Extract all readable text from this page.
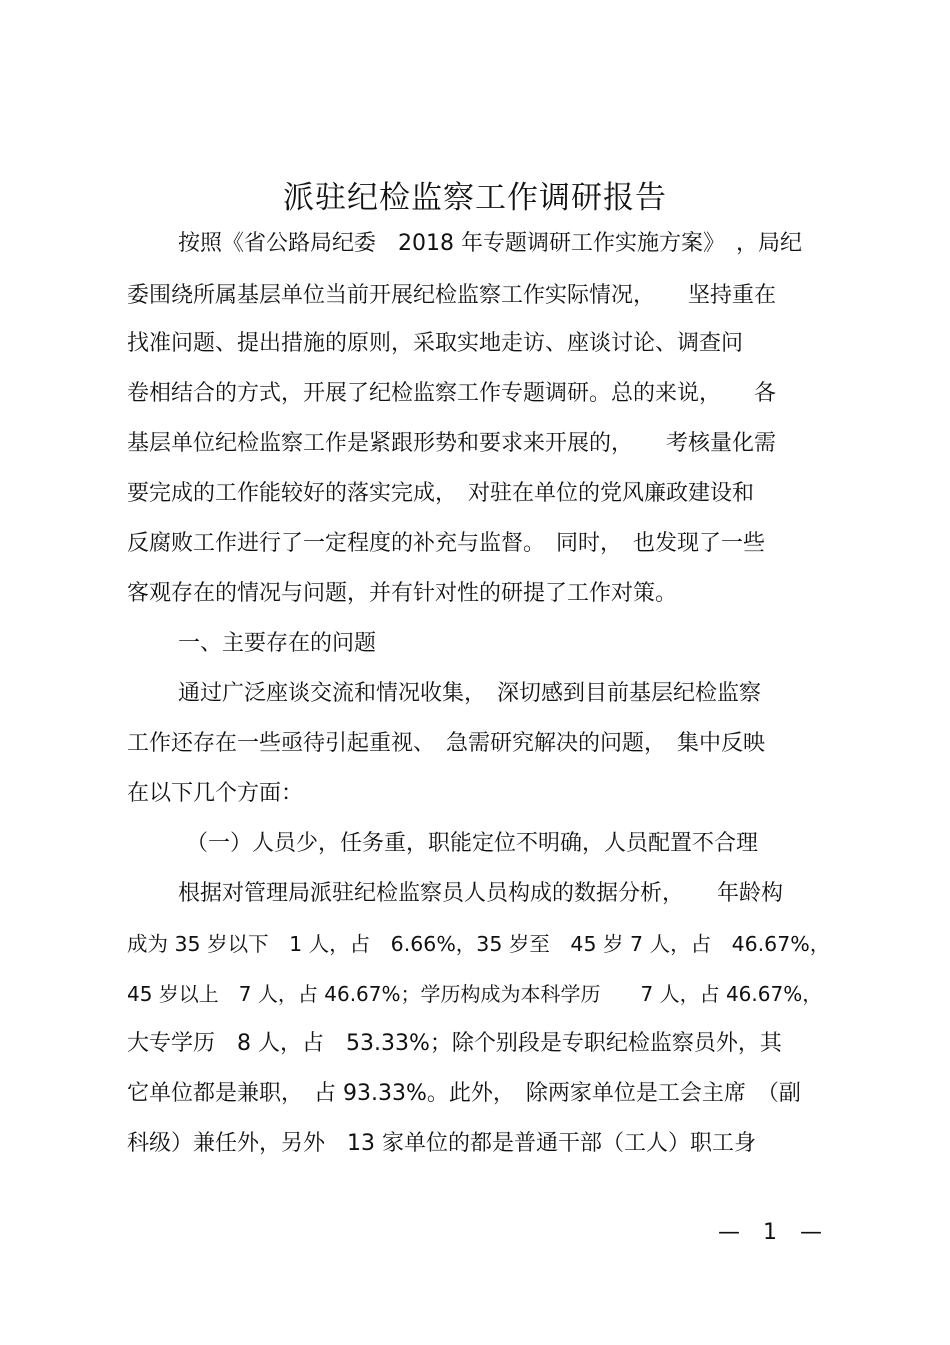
派驻纪检监察工作调研报告
按照《省公路局纪委　2018 年专题调研工作实施方案》　，局纪
委围绕所属基层单位当前开展纪检监察工作实际情况，　　坚持重在
找准问题、提出措施的原则，采取实地走访、座谈讨论、调查问
卷相结合的方式，开展了纪检监察工作专题调研。总的来说，　　各
基层单位纪检监察工作是紧跟形势和要求来开展的，　　考核量化需
要完成的工作能较好的落实完成，　对驻在单位的党风廉政建设和
反腐败工作进行了一定程度的补充与监督。　同时，　也发现了一些
客观存在的情况与问题，并有针对性的研提了工作对策。
一、主要存在的问题
通过广泛座谈交流和情况收集，　深切感到目前基层纪检监察
工作还存在一些亟待引起重视、　急需研究解决的问题，　集中反映
在以下几个方面：
（一）人员少，任务重，职能定位不明确，人员配置不合理
根据对管理局派驻纪检监察员人员构成的数据分析，　　年龄构
成为 35 岁以下　1 人，占　6.66%，35 岁至　45 岁 7 人，占　46.67%，
45 岁以上　7 人，占 46.67%；学历构成为本科学历　　7 人，占 46.67%，
大专学历　8 人，占　53.33%；除个别段是专职纪检监察员外，其
它单位都是兼职，　占 93.33%。此外，　除两家单位是工会主席　（副
科级）兼任外，另外　13 家单位的都是普通干部（工人）职工身
— 1 —
